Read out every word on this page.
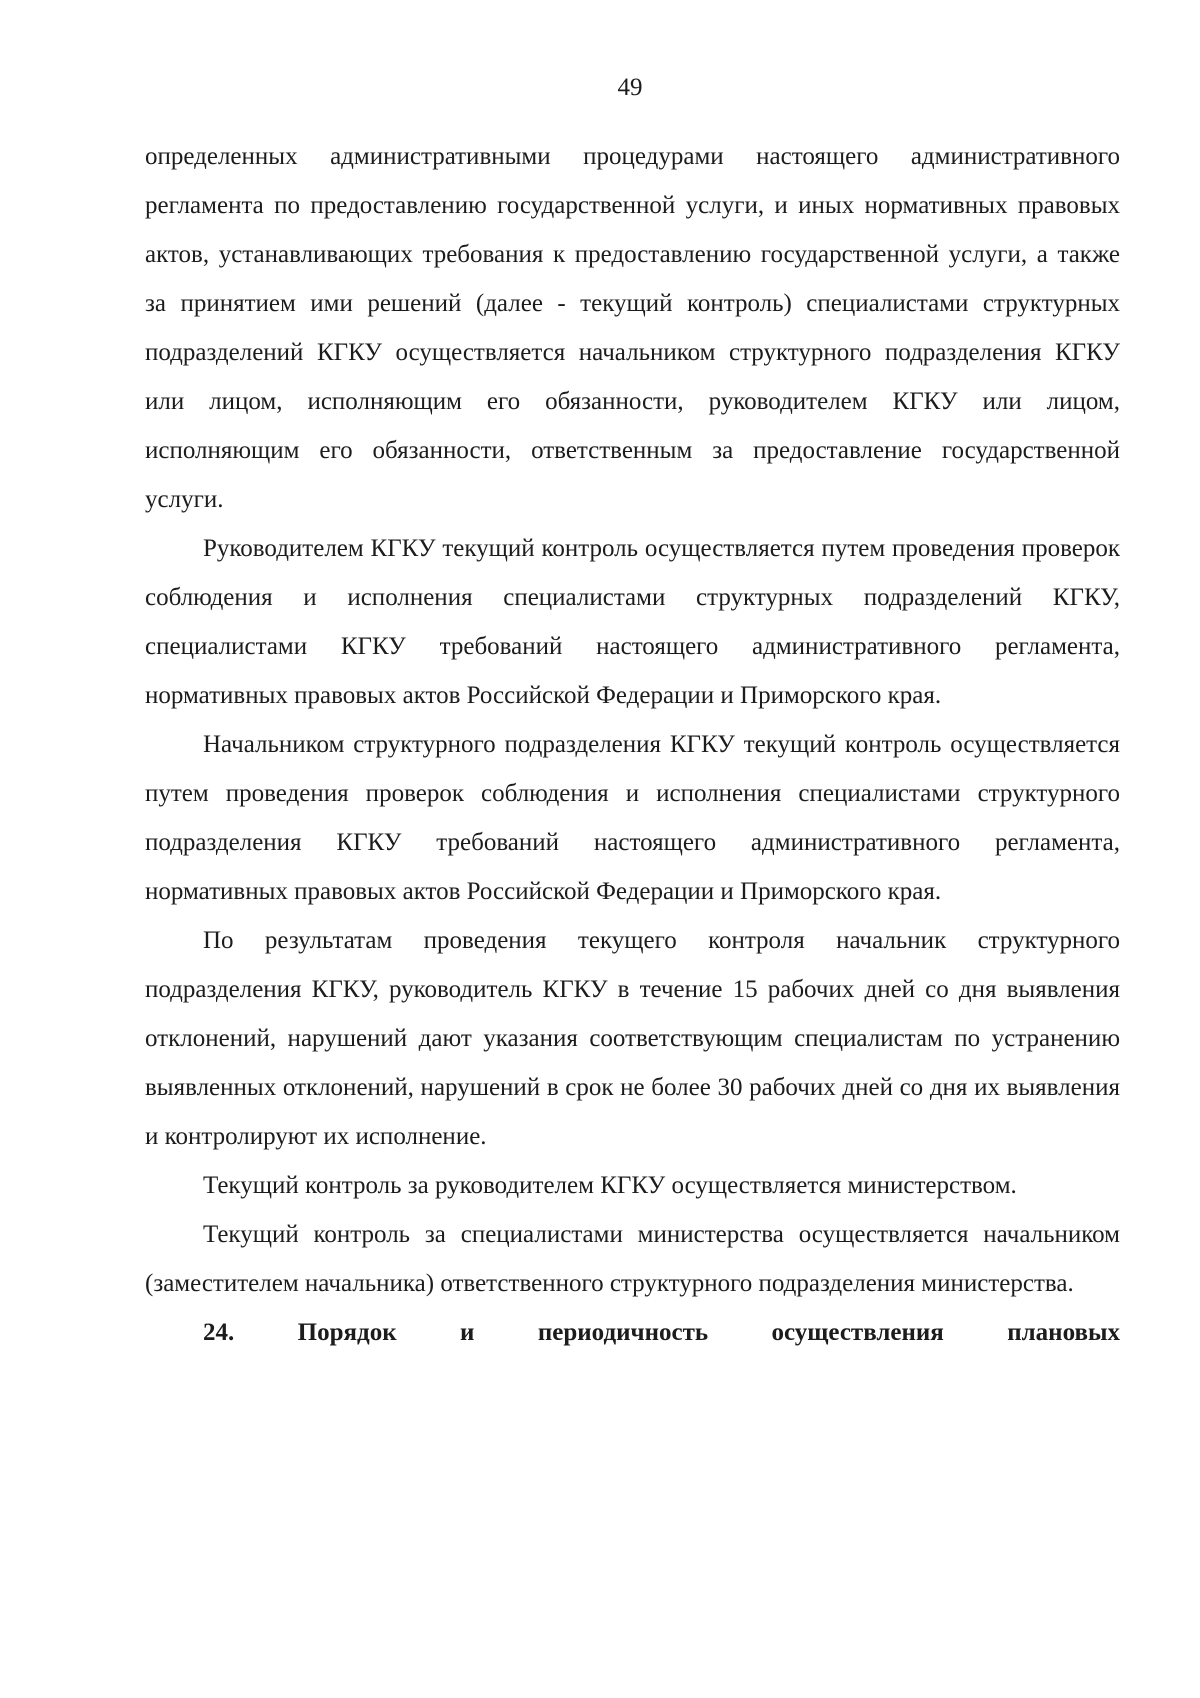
49

определенных административными процедурами настоящего административного регламента по предоставлению государственной услуги, и иных нормативных правовых актов, устанавливающих требования к предоставлению государственной услуги, а также за принятием ими решений (далее - текущий контроль) специалистами структурных подразделений КГКУ осуществляется начальником структурного подразделения КГКУ или лицом, исполняющим его обязанности, руководителем КГКУ или лицом, исполняющим его обязанности, ответственным за предоставление государственной услуги.

Руководителем КГКУ текущий контроль осуществляется путем проведения проверок соблюдения и исполнения специалистами структурных подразделений КГКУ, специалистами КГКУ требований настоящего административного регламента, нормативных правовых актов Российской Федерации и Приморского края.

Начальником структурного подразделения КГКУ текущий контроль осуществляется путем проведения проверок соблюдения и исполнения специалистами структурного подразделения КГКУ требований настоящего административного регламента, нормативных правовых актов Российской Федерации и Приморского края.

По результатам проведения текущего контроля начальник структурного подразделения КГКУ, руководитель КГКУ в течение 15 рабочих дней со дня выявления отклонений, нарушений дают указания соответствующим специалистам по устранению выявленных отклонений, нарушений в срок не более 30 рабочих дней со дня их выявления и контролируют их исполнение.

Текущий контроль за руководителем КГКУ осуществляется министерством.

Текущий контроль за специалистами министерства осуществляется начальником (заместителем начальника) ответственного структурного подразделения министерства.

24. Порядок и периодичность осуществления плановых
